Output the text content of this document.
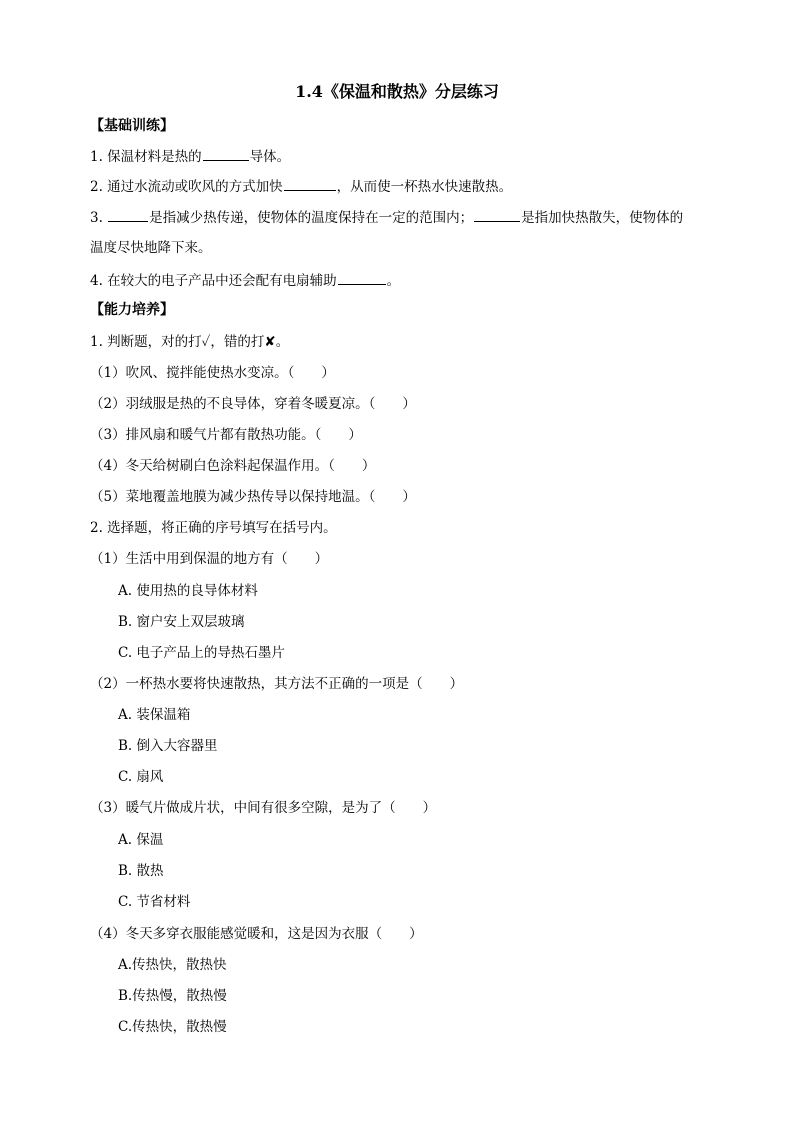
1.4《保温和散热》分层练习
【基础训练】
1. 保温材料是热的	导体。
2. 通过水流动或吹风的方式加快	，从而使一杯热水快速散热。
3.	是指减少热传递，使物体的温度保持在一定的范围内；	是指加快热散失，使物体的
温度尽快地降下来。
4. 在较大的电子产品中还会配有电扇辅助	。
【能力培养】
1. 判断题，对的打✓，错的打✘。
（1）吹风、搅拌能使热水变凉。（　　）
（2）羽绒服是热的不良导体，穿着冬暖夏凉。（　　）
（3）排风扇和暖气片都有散热功能。（　　）
（4）冬天给树刷白色涂料起保温作用。（　　）
（5）菜地覆盖地膜为减少热传导以保持地温。（　　）
2. 选择题，将正确的序号填写在括号内。
（1）生活中用到保温的地方有（　　）
A. 使用热的良导体材料
B. 窗户安上双层玻璃
C. 电子产品上的导热石墨片
（2）一杯热水要将快速散热，其方法不正确的一项是（　　）
A. 装保温箱
B. 倒入大容器里
C. 扇风
（3）暖气片做成片状，中间有很多空隙，是为了（　　）
A. 保温
B. 散热
C. 节省材料
（4）冬天多穿衣服能感觉暖和，这是因为衣服（　　）
A.传热快，散热快
B.传热慢，散热慢
C.传热快，散热慢
